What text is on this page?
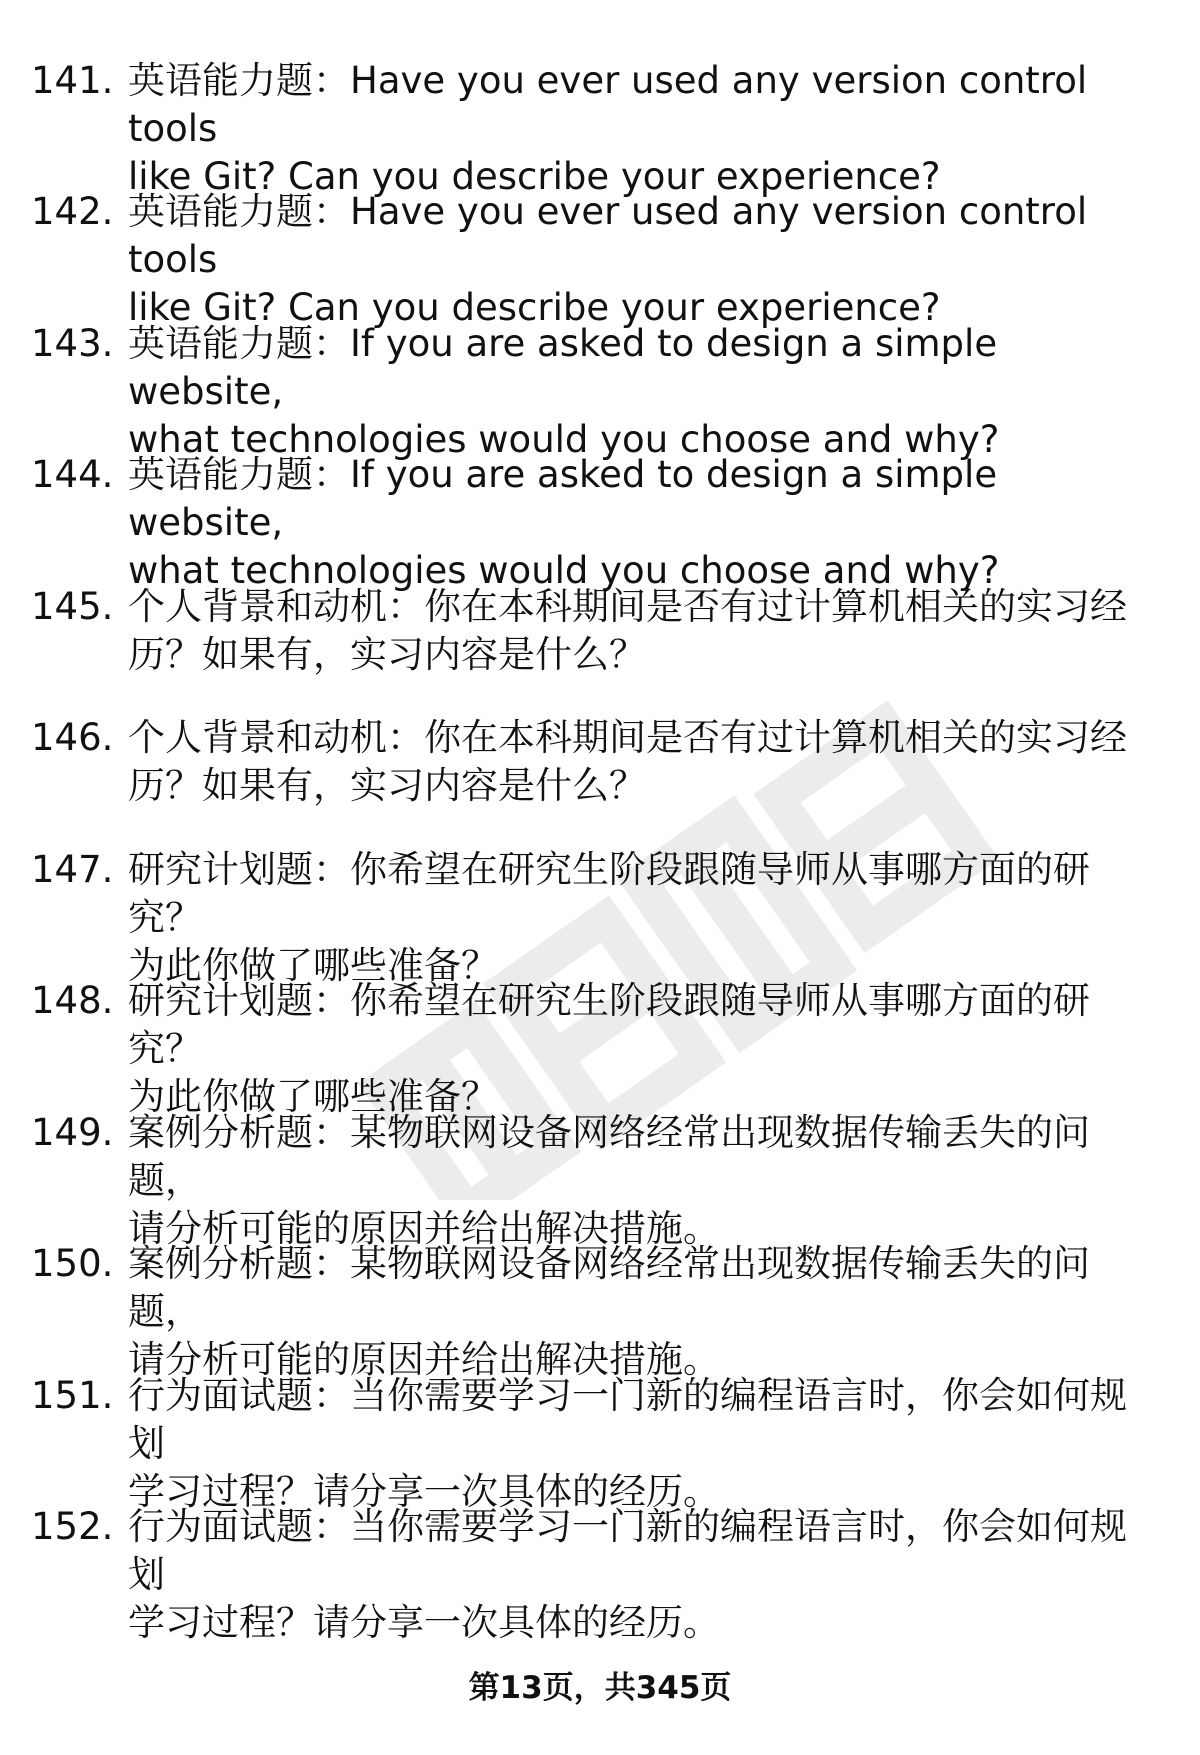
141. 英语能力题：Have you ever used any version control tools
like Git? Can you describe your experience?
142. 英语能力题：Have you ever used any version control tools
like Git? Can you describe your experience?
143. 英语能力题：If you are asked to design a simple website,
what technologies would you choose and why?
144. 英语能力题：If you are asked to design a simple website,
what technologies would you choose and why?
145. 个人背景和动机：你在本科期间是否有过计算机相关的实习经
历？如果有，实习内容是什么？
146. 个人背景和动机：你在本科期间是否有过计算机相关的实习经
历？如果有，实习内容是什么？
147. 研究计划题：你希望在研究生阶段跟随导师从事哪方面的研究？
为此你做了哪些准备？
148. 研究计划题：你希望在研究生阶段跟随导师从事哪方面的研究？
为此你做了哪些准备？
149. 案例分析题：某物联网设备网络经常出现数据传输丢失的问题，
请分析可能的原因并给出解决措施。
150. 案例分析题：某物联网设备网络经常出现数据传输丢失的问题，
请分析可能的原因并给出解决措施。
151. 行为面试题：当你需要学习一门新的编程语言时，你会如何规划
学习过程？请分享一次具体的经历。
152. 行为面试题：当你需要学习一门新的编程语言时，你会如何规划
学习过程？请分享一次具体的经历。
第13页，共345页
